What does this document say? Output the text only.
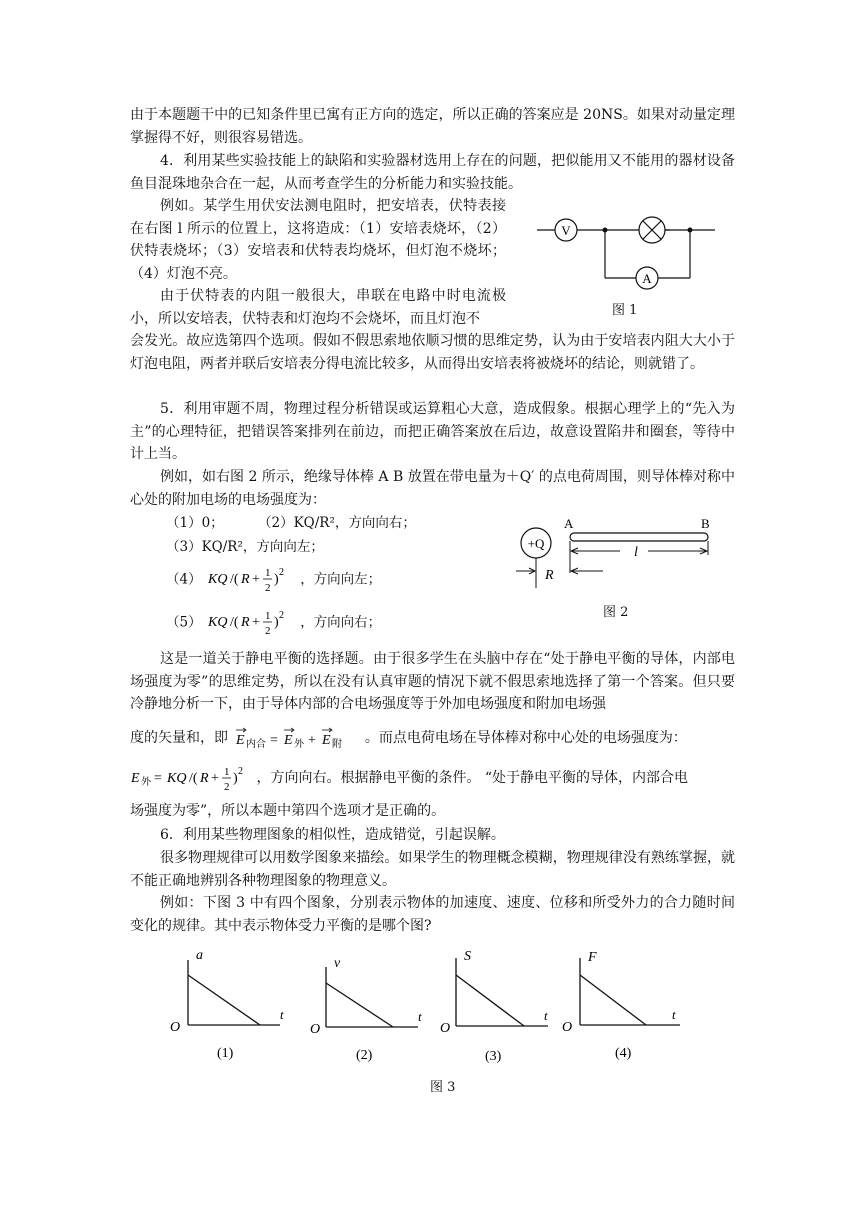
由于本题题干中的已知条件里已寓有正方向的选定，所以正确的答案应是 20NS。如果对动量定理掌握得不好，则很容易错选。
4．利用某些实验技能上的缺陷和实验器材选用上存在的问题，把似能用又不能用的器材设备鱼目混珠地杂合在一起，从而考查学生的分析能力和实验技能。
例如。某学生用伏安法测电阻时，把安培表，伏特表接在右图 l 所示的位置上，这将造成：（1）安培表烧坏，（2）伏特表烧坏；（3）安培表和伏特表均烧坏，但灯泡不烧坏；（4）灯泡不亮。
由于伏特表的内阻一般很大，串联在电路中时电流极小，所以安培表，伏特表和灯泡均不会烧坏，而且灯泡不
会发光。故应选第四个选项。假如不假思索地依顺习惯的思维定势，认为由于安培表内阻大大小于灯泡电阻，两者并联后安培表分得电流比较多，从而得出安培表将被烧坏的结论，则就错了。
5．利用审题不周，物理过程分析错误或运算粗心大意，造成假象。根据心理学上的“先入为主”的心理特征，把错误答案排列在前边，而把正确答案放在后边，故意设置陷井和圈套，等待中计上当。
例如，如右图 2 所示，绝缘导体棒 A B 放置在带电量为＋Q′ 的点电荷周围，则导体棒对称中心处的附加电场的电场强度为：
（1）0；	（2）KQ/R²，方向向右；
（3）KQ/R²，方向向左；
（4） KQ /( R + 1
2
) 2 ，方向向左；
（5） KQ /( R + 1
2
) 2 ，方向向右；
这是一道关于静电平衡的选择题。由于很多学生在头脑中存在“处于静电平衡的导体，内部电场强度为零”的思维定势，所以在没有认真审题的情况下就不假思索地选择了第一个答案。但只要冷静地分析一下，由于导体内部的合电场强度等于外加电场强度和附加电场强
度的矢量和，即 E 内合 = E 外 + E 附 。而点电荷电场在导体棒对称中心处的电场强度为：
E 外 = KQ /( R + 1
2
) 2 ，方向向右。根据静电平衡的条件。 “处于静电平衡的导体，内部合电
场强度为零”，所以本题中第四个选项才是正确的。
6．利用某些物理图象的相似性，造成错觉，引起误解。
很多物理规律可以用数学图象来描绘。如果学生的物理概念模糊，物理规律没有熟练掌握，就不能正确地辨别各种物理图象的物理意义。
例如：下图 3 中有四个图象，分别表示物体的加速度、速度、位移和所受外力的合力随时间变化的规律。其中表示物体受力平衡的是哪个图?
V
A
图 1
+Q
A	B
l
R
图 2
a
t
O
(1)
v
t
O
(2)
S
t
O
(3)
F
t
O
(4)
图 3
